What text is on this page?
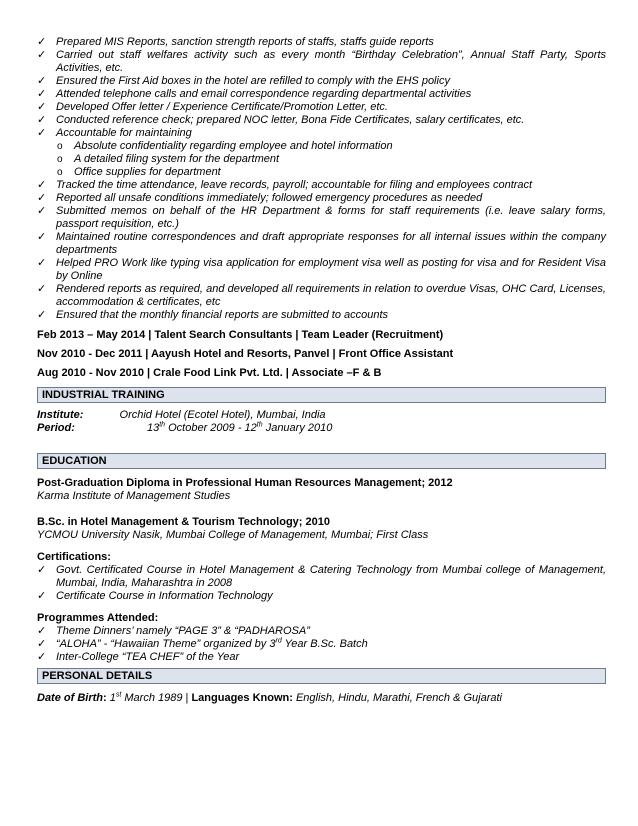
✓ Prepared MIS Reports, sanction strength reports of staffs, staffs guide reports
✓ Carried out staff welfares activity such as every month “Birthday Celebration”, Annual Staff Party, Sports Activities, etc.
✓ Ensured the First Aid boxes in the hotel are refilled to comply with the EHS policy
✓ Attended telephone calls and email correspondence regarding departmental activities
✓ Developed Offer letter / Experience Certificate/Promotion Letter, etc.
✓ Conducted reference check; prepared NOC letter, Bona Fide Certificates, salary certificates, etc.
✓ Accountable for maintaining
o Absolute confidentiality regarding employee and hotel information
o A detailed filing system for the department
o Office supplies for department
✓ Tracked the time attendance, leave records, payroll; accountable for filing and employees contract
✓ Reported all unsafe conditions immediately; followed emergency procedures as needed
✓ Submitted memos on behalf of the HR Department & forms for staff requirements (i.e. leave salary forms, passport requisition, etc.)
✓ Maintained routine correspondences and draft appropriate responses for all internal issues within the company departments
✓ Helped PRO Work like typing visa application for employment visa well as posting for visa and for Resident Visa by Online
✓ Rendered reports as required, and developed all requirements in relation to overdue Visas, OHC Card, Licenses, accommodation & certificates, etc
✓ Ensured that the monthly financial reports are submitted to accounts
Feb 2013 – May 2014 | Talent Search Consultants | Team Leader (Recruitment)
Nov 2010 - Dec 2011 | Aayush Hotel and Resorts, Panvel | Front Office Assistant
Aug 2010 - Nov 2010 | Crale Food Link Pvt. Ltd. | Associate –F & B
INDUSTRIAL TRAINING
Institute:	Orchid Hotel (Ecotel Hotel), Mumbai, India
Period:	13th October 2009 - 12th January 2010
EDUCATION
Post-Graduation Diploma in Professional Human Resources Management; 2012
Karma Institute of Management Studies
B.Sc. in Hotel Management & Tourism Technology; 2010
YCMOU University Nasik, Mumbai College of Management, Mumbai; First Class
Certifications:
✓ Govt. Certificated Course in Hotel Management & Catering Technology from Mumbai college of Management, Mumbai, India, Maharashtra in 2008
✓ Certificate Course in Information Technology
Programmes Attended:
✓ Theme Dinners’ namely “PAGE 3” & “PADHAROSA”
✓ “ALOHA” - “Hawaiian Theme” organized by 3rd Year B.Sc. Batch
✓ Inter-College “TEA CHEF” of the Year
PERSONAL DETAILS
Date of Birth: 1st March 1989 | Languages Known: English, Hindu, Marathi, French & Gujarati
